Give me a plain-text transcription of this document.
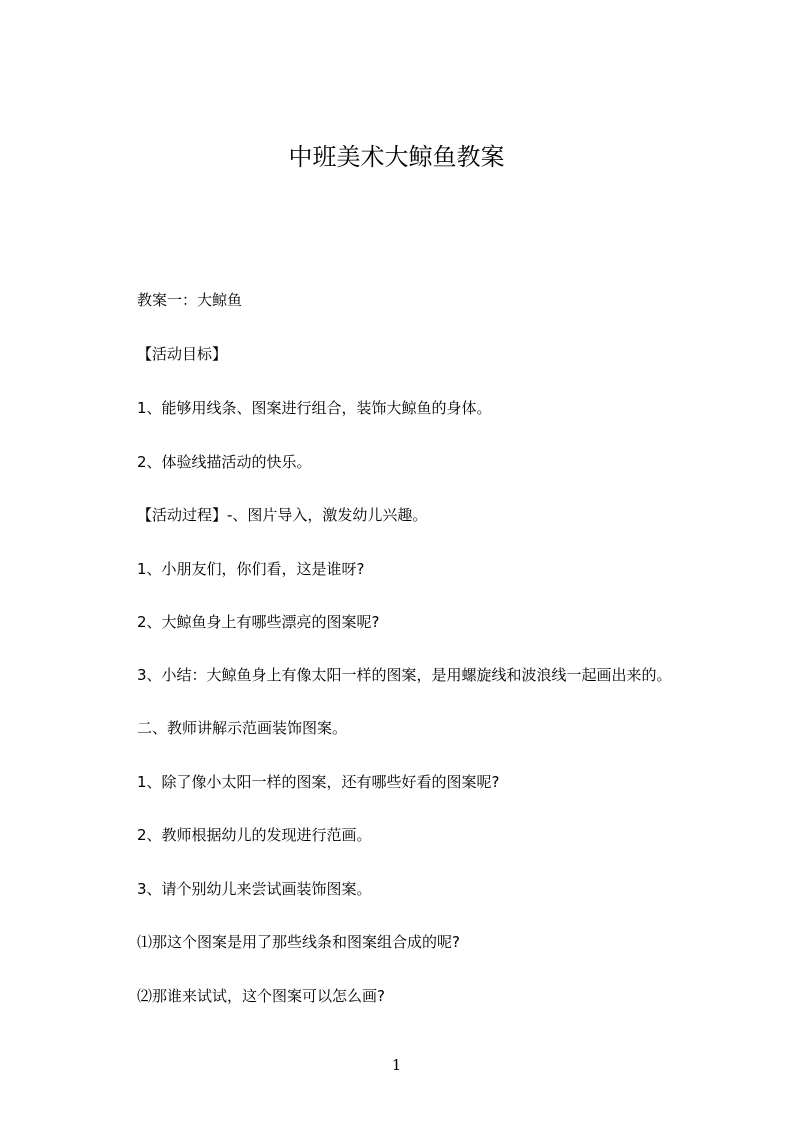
中班美术大鲸鱼教案
教案一：大鲸鱼
【活动目标】
1、能够用线条、图案进行组合，装饰大鲸鱼的身体。
2、体验线描活动的快乐。
【活动过程】-、图片导入，激发幼儿兴趣。
1、小朋友们，你们看，这是谁呀?
2、大鲸鱼身上有哪些漂亮的图案呢?
3、小结：大鲸鱼身上有像太阳一样的图案，是用螺旋线和波浪线一起画出来的。
二、教师讲解示范画装饰图案。
1、除了像小太阳一样的图案，还有哪些好看的图案呢?
2、教师根据幼儿的发现进行范画。
3、请个别幼儿来尝试画装饰图案。
⑴那这个图案是用了那些线条和图案组合成的呢?
⑵那谁来试试，这个图案可以怎么画?
1
